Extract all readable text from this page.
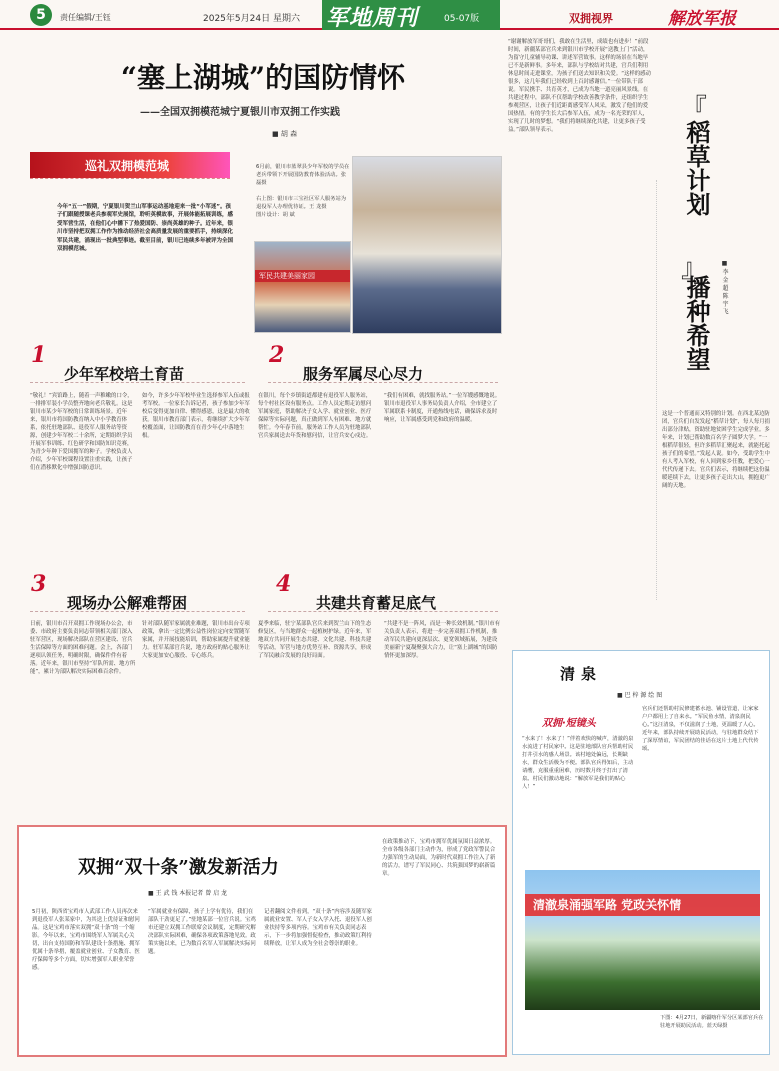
5	责任编辑/王钰	2025年5月24日 星期六 军地周刊	05-07版	双拥视界	解放军报
“塞上湖城”的国防情怀
——全国双拥模范城宁夏银川市双拥工作实践
■ 胡 森
巡礼双拥模范城
今年“五一”假期，宁夏银川贺兰山军事运动基地迎来一批“小军迷”。孩子们跟随授课老兵参观军史展馆，聆听英模故事，开展体能拓展训练，感受军营生活，在他们心中播下了热爱国防、崇尚英雄的种子。近年来，银川市坚持把双拥工作作为推动经济社会高质量发展的重要抓手，持续深化军民共建，涌现出一批典型事迹。截至目前，银川已连续多年被评为全国双拥模范城。
6月前，银川市蓝翠县少年军校的学员在老兵带领下开展国防教育体验活动。张 磊摄

右上图：银川市三宝社区军人服务站为退役军人办理优待证。王 龙摄
图片设计：胡 斌
军民共建美丽家园
1
少年军校培土育苗
2
服务军属尽心尽力
“敬礼！”宾馆路上，随着一声稚嫩的口令，一排排军装小学员整齐地向老兵敬礼。这是银川市某少年军校的日常训练场景。近年来，银川市将国防教育纳入中小学教育体系，依托驻地部队、退役军人服务站等资源，创建少年军校二十余所，定期组织学员开展军事训练、红色研学和国防知识竞赛，为青少年种下爱国拥军的种子。学校负责人介绍，少年军校课程设置注重实践，让孩子们在潜移默化中增强国防意识。
如今，许多少年军校毕业生选择参军入伍或报考军校。一位家长告诉记者，孩子参加少年军校后变得更加自律、懂得感恩，这是最大的收获。银川市教育部门表示，将继续扩大少年军校覆盖面，让国防教育在青少年心中落地生根。
在银川，每个乡镇街道都建有退役军人服务站，每个村社区设有服务点。工作人员定期走访慰问军属家庭，帮助解决子女入学、就业创业、医疗保障等实际问题，真正做到军人有困难、地方就帮忙。今年春节前，服务站工作人员为驻地部队官兵家属送去年货和慰问信，让官兵安心戍边。
“我们有困难，就找服务站。”一位军嫂感慨地说。银川市退役军人事务局负责人介绍，全市建立了军属联系卡制度，开通热线电话，确保诉求及时响应，让军属感受到党和政府的温暖。
3
现场办公解难帮困
4
共建共育蓄足底气
日前，银川市召开双拥工作现场办公会，市委、市政府主要负责同志带领相关部门深入驻军营区，现场解决部队在营区建设、官兵生活保障等方面的困难问题。会上，各部门逐项认领任务，明确时限，确保件件有着落。近年来，银川市坚持“军队所需、地方所能”，累计为部队解决实际困难百余件。
针对部队随军家属就业难题，银川市出台专项政策，拿出一定比例公益性岗位定向安置随军家属，并开展技能培训，帮助家属提升就业能力。驻军某部官兵说，地方政府的贴心服务让大家更加安心服役、专心练兵。
夏季来临，驻宁某部队官兵来到贺兰山下的生态修复区，与当地群众一起植树护绿。近年来，军地双方共同开展生态共建、文化共建、科技共建等活动，军营与地方优势互补、资源共享，形成了军民融合发展的良好局面。
“共建不是一阵风，而是一种长效机制。”银川市有关负责人表示，将进一步完善双拥工作机制，推动军民共建向更深层次、更宽领域拓展，为建设美丽新宁夏凝聚强大合力，让“塞上湖城”的国防情怀更加深厚。
“谢谢解放军哥哥们，我敢在生活里，成绩也有进步！”前段时间，新疆某部官兵来到银川市学校开展“送教上门”活动，为留守儿童辅导功课、讲述军营故事。这样的场景在当地早已不是新鲜事。多年来，部队与学校结对共建，官兵们利用休息时间走进课堂，为孩子们送去知识和关爱。“这样的感动很多，这几年我们已经收到上百封感谢信。”一位带队干部说。军民携手、共育英才，已成为当地一道亮丽风景线。在共建过程中，部队不仅帮助学校改善教学条件，还组织学生参观营区，让孩子们近距离感受军人风采，激发了他们的爱国热情。有的学生长大后参军入伍，成为一名光荣的军人，实现了儿时的梦想。“我们将继续深化共建，让更多孩子受益。”部队领导表示。	稻草计划
『
』
播种希望 ■ 李 金 超 陈 宇 飞
这是一个普通而又特别的计划。在西北某边防团，官兵们自发发起“稻草计划”，每人每月捐出部分津贴，资助驻地贫困学生完成学业。多年来，计划已帮助数百名学子圆梦大学。“一根稻草很轻，但许多稻草汇聚起来，就能托起孩子们的希望。”发起人说。如今，受助学生中有人考入军校，有人回到家乡任教，把爱心一代代传递下去。官兵们表示，将继续把这份温暖延续下去，让更多孩子走出大山，拥抱更广阔的天地。
清泉
■ 巴 梓 源 绘 图
双拥·短镜头
“水来了！水来了！”伴着欢快的喊声，清澈的泉水流进了村民家中。这是驻地部队官兵帮助村民打井引水的感人场景。该村地处偏远，长期缺水，群众生活极为不便。部队官兵得知后，主动请缨，克服重重困难，历时数月终于打出了清泉。村民们激动地说：“解放军是我们的贴心人！”
官兵们还帮助村民修建蓄水池、铺设管道，让家家户户都用上了自来水。“军民鱼水情，清泉润民心。”这汪清泉，不仅滋润了土地，更温暖了人心。近年来，部队持续开展助民活动，与驻地群众结下了深厚情谊，军民团结的佳话在这片土地上代代传颂。
清澈泉涌强军路 党政关怀情
下图：4月27日，新疆喀什军分区某部官兵在驻地开展助民活动。蓝天绿摄
双拥“双十条”激发新活力
■ 王 武 钱 本报记者 曾 启 龙
5月初，陕西省宝鸡市人武部工作人员再次来到退役军人张某家中，为其送上优待证和慰问品。这是宝鸡市落实双拥“双十条”的一个缩影。今年以来，宝鸡市围绕军人军属关心关切，出台支持国防和军队建设十条措施、拥军优属十条举措，覆盖就业创业、子女教育、医疗保障等多个方面，切实增强军人职业荣誉感。
“军属就业有保障，孩子上学有优待，我们在部队干劲更足了。”驻地某部一位官兵说。宝鸡市还建立双拥工作联席会议制度，定期研究解决部队实际困难，确保各项政策落地见效。政策实施以来，已为数百名军人军属解决实际问题。
记者翻阅文件看到，“双十条”内容涉及随军家属就业安置、军人子女入学入托、退役军人创业扶持等多项内容。宝鸡市有关负责同志表示，下一步将加强督促检查，推动政策红利持续释放，让军人成为全社会尊崇的职业。
在政策推动下，宝鸡市拥军优属氛围日益浓厚。全市各级各部门主动作为，形成了党政军警民合力强军的生动局面，为新时代双拥工作注入了新的活力，谱写了军民同心、共筑强国梦的崭新篇章。
